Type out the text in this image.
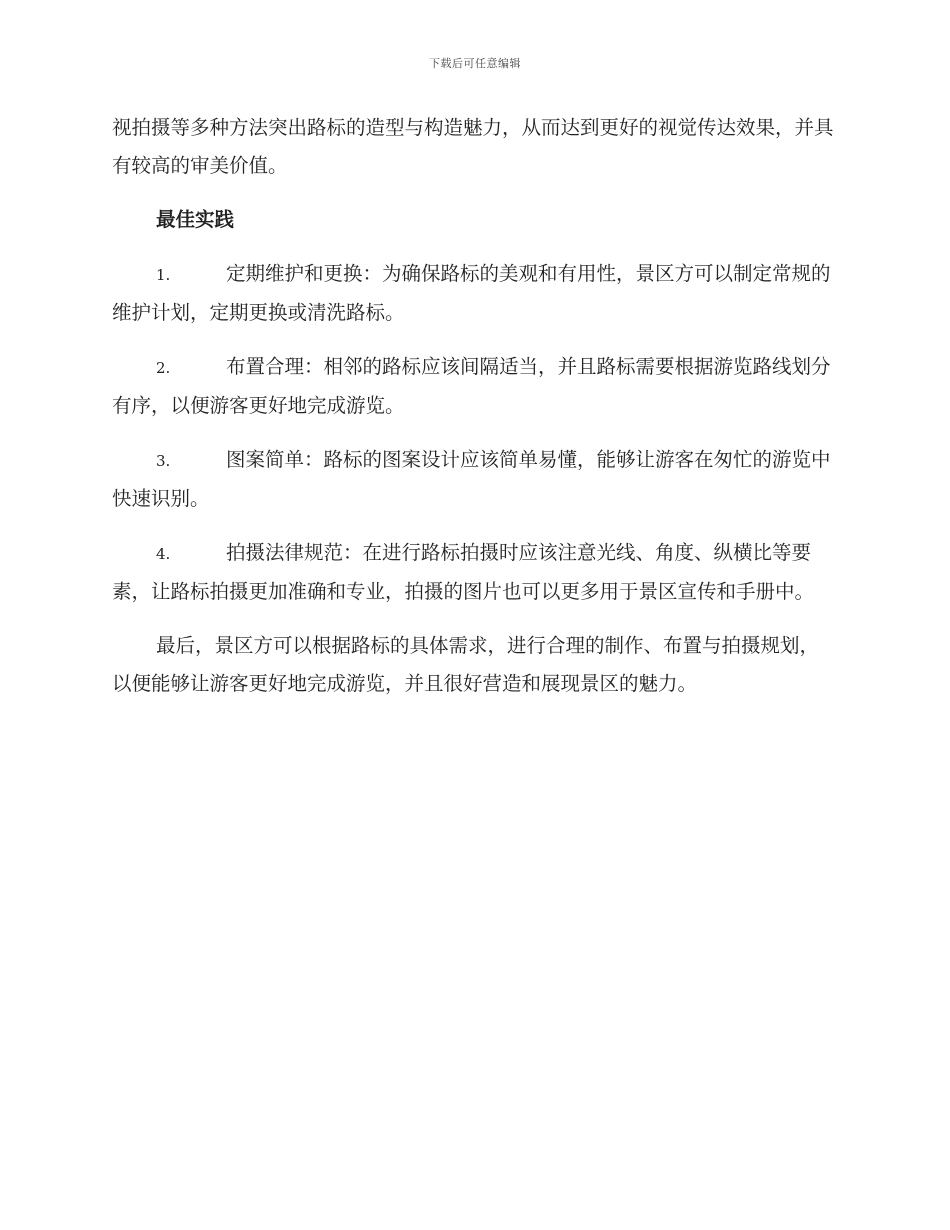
下载后可任意编辑

视拍摄等多种方法突出路标的造型与构造魅力，从而达到更好的视觉传达效果，并具有较高的审美价值。

最佳实践

1.	定期维护和更换：为确保路标的美观和有用性，景区方可以制定常规的维护计划，定期更换或清洗路标。

2.	布置合理：相邻的路标应该间隔适当，并且路标需要根据游览路线划分有序，以便游客更好地完成游览。

3.	图案简单：路标的图案设计应该简单易懂，能够让游客在匆忙的游览中快速识别。

4.	拍摄法律规范：在进行路标拍摄时应该注意光线、角度、纵横比等要素，让路标拍摄更加准确和专业，拍摄的图片也可以更多用于景区宣传和手册中。

最后，景区方可以根据路标的具体需求，进行合理的制作、布置与拍摄规划，以便能够让游客更好地完成游览，并且很好营造和展现景区的魅力。
